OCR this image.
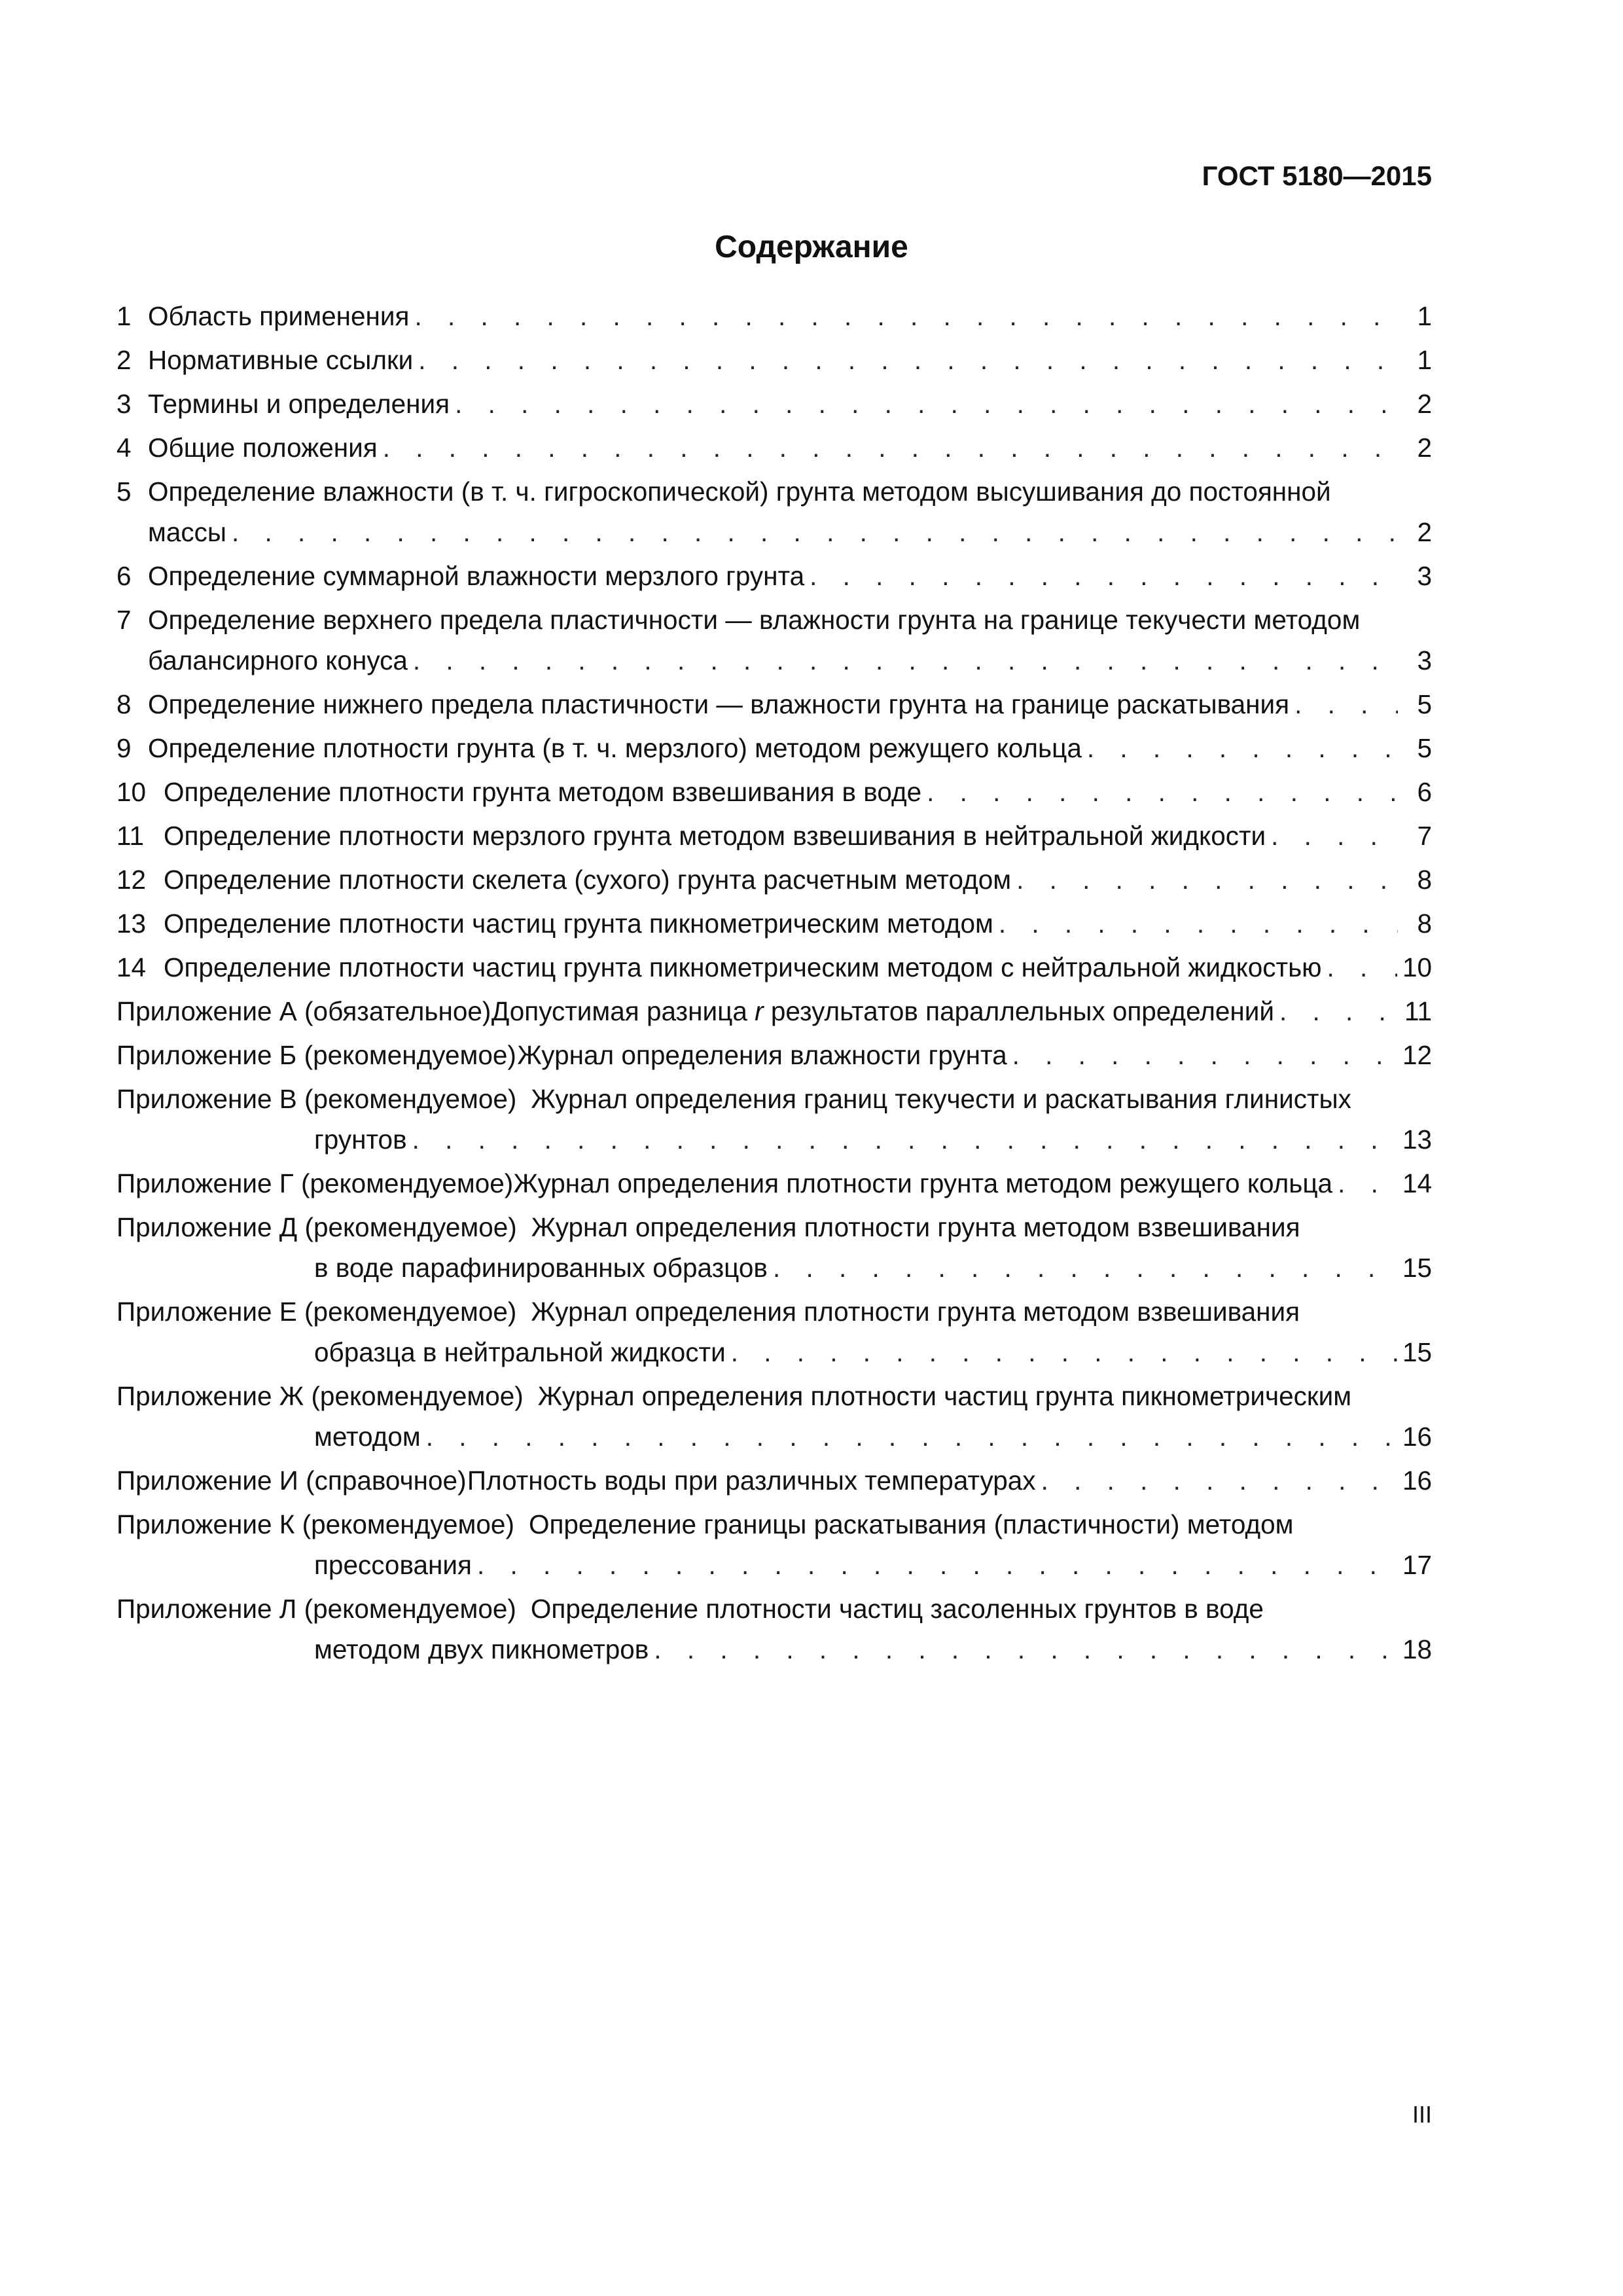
ГОСТ 5180—2015
Содержание
1 Область применения . . .	1
2 Нормативные ссылки . . .	1
3 Термины и определения . . .	2
4 Общие положения . . .	2
5 Определение влажности (в т. ч. гигроскопической) грунта методом высушивания до постоянной
массы . . .	2
6 Определение суммарной влажности мерзлого грунта . . .	3
7 Определение верхнего предела пластичности — влажности грунта на границе текучести методом
балансирного конуса . . .	3
8 Определение нижнего предела пластичности — влажности грунта на границе раскатывания . . .	5
9 Определение плотности грунта (в т. ч. мерзлого) методом режущего кольца . . .	5
10 Определение плотности грунта методом взвешивания в воде . . .	6
11 Определение плотности мерзлого грунта методом взвешивания в нейтральной жидкости . . .	7
12 Определение плотности скелета (сухого) грунта расчетным методом . . .	8
13 Определение плотности частиц грунта пикнометрическим методом . . .	8
14 Определение плотности частиц грунта пикнометрическим методом с нейтральной жидкостью . . .	10
Приложение А (обязательное) Допустимая разница r результатов параллельных определений . . .	11
Приложение Б (рекомендуемое) Журнал определения влажности грунта . . .	12
Приложение В (рекомендуемое) Журнал определения границ текучести и раскатывания глинистых
грунтов . . .	13
Приложение Г (рекомендуемое) Журнал определения плотности грунта методом режущего кольца . . .	14
Приложение Д (рекомендуемое) Журнал определения плотности грунта методом взвешивания
в воде парафинированных образцов . . .	15
Приложение Е (рекомендуемое) Журнал определения плотности грунта методом взвешивания
образца в нейтральной жидкости . . .	15
Приложение Ж (рекомендуемое) Журнал определения плотности частиц грунта пикнометрическим
методом . . .	16
Приложение И (справочное) Плотность воды при различных температурах . . .	16
Приложение К (рекомендуемое) Определение границы раскатывания (пластичности) методом
прессования . . .	17
Приложение Л (рекомендуемое) Определение плотности частиц засоленных грунтов в воде
методом двух пикнометров . . .	18
III
